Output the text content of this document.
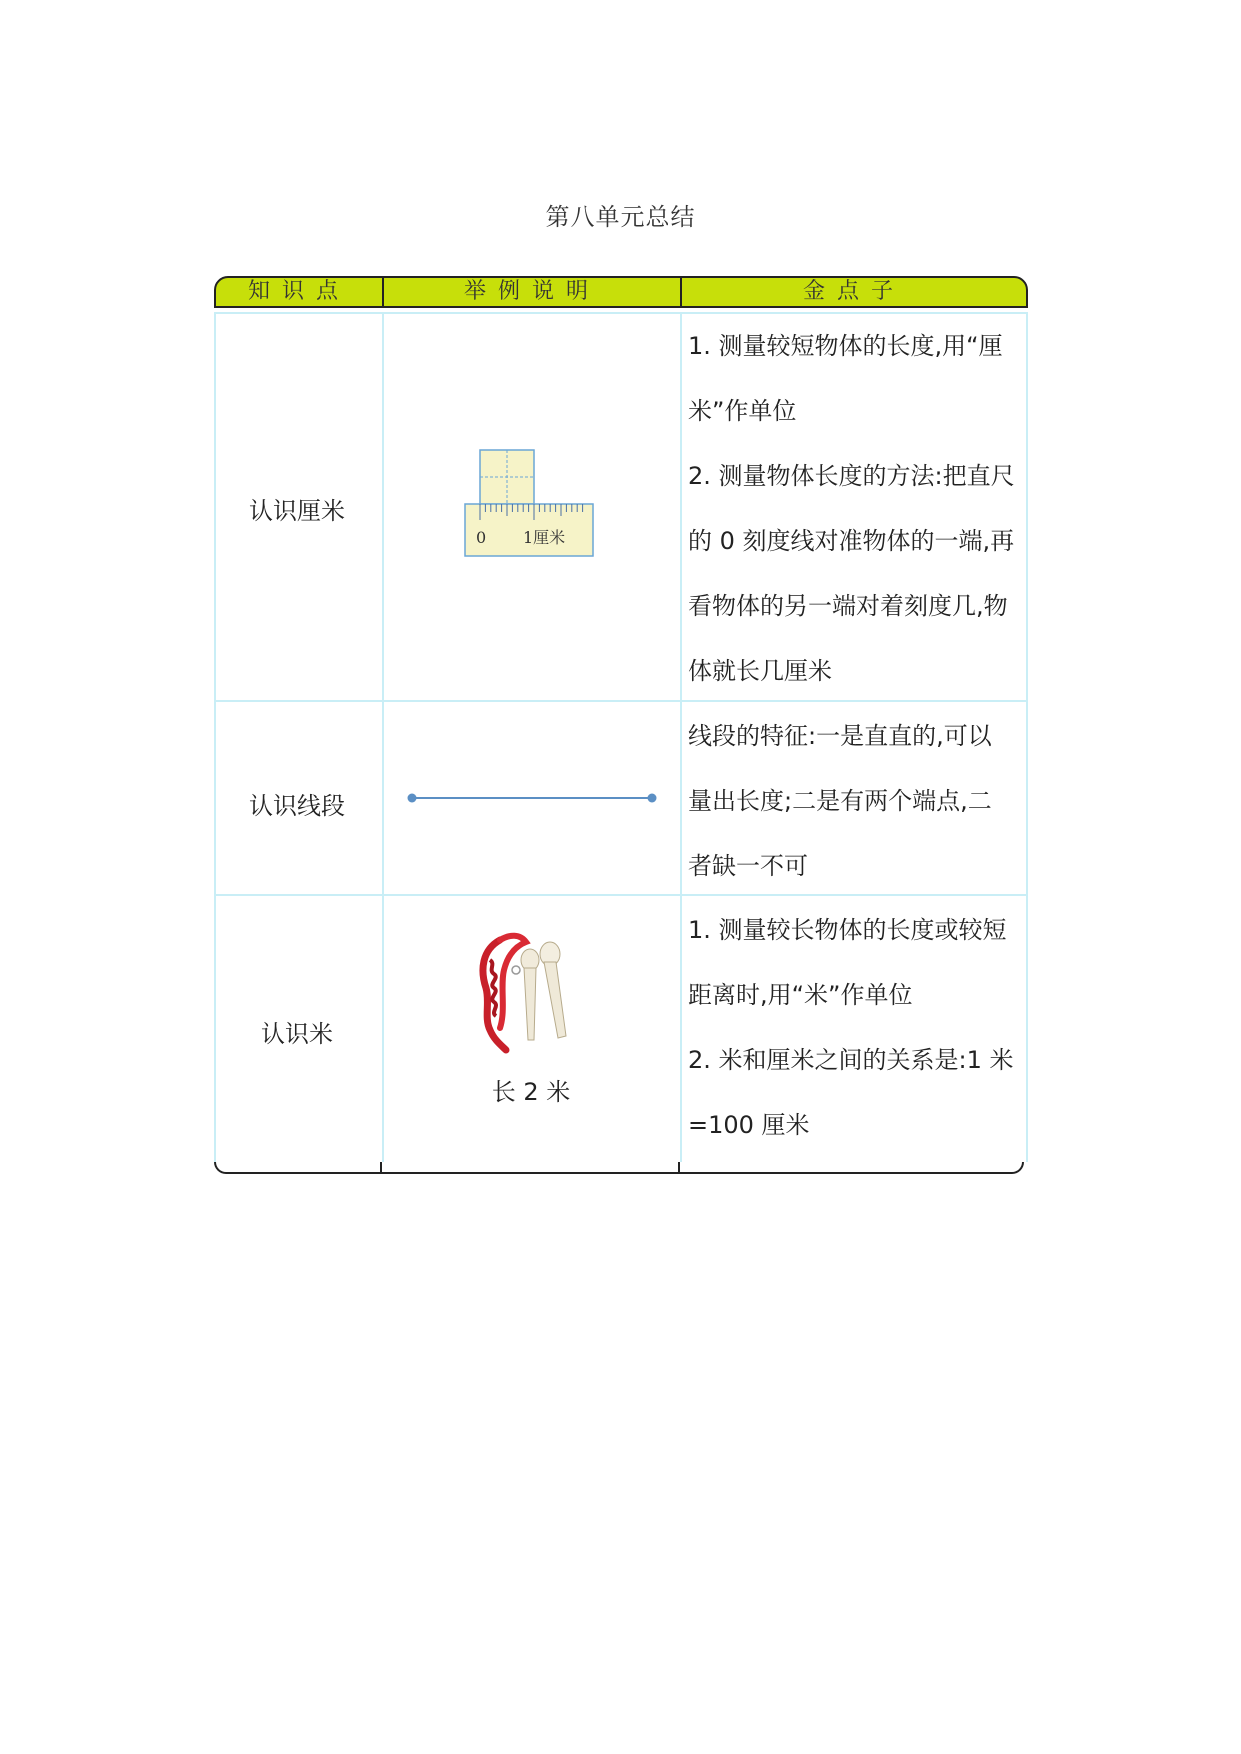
第八单元总结
知识点	举例说明	金点子
认识厘米
0 1厘米

1. 测量较短物体的长度,用“厘

米”作单位

2. 测量物体长度的方法:把直尺

的 0 刻度线对准物体的一端,再

看物体的另一端对着刻度几,物

体就长几厘米

认识线段

线段的特征:一是直直的,可以

量出长度;二是有两个端点,二

者缺一不可

认识米
长 2 米

1. 测量较长物体的长度或较短

距离时,用“米”作单位

2. 米和厘米之间的关系是:1 米

=100 厘米
